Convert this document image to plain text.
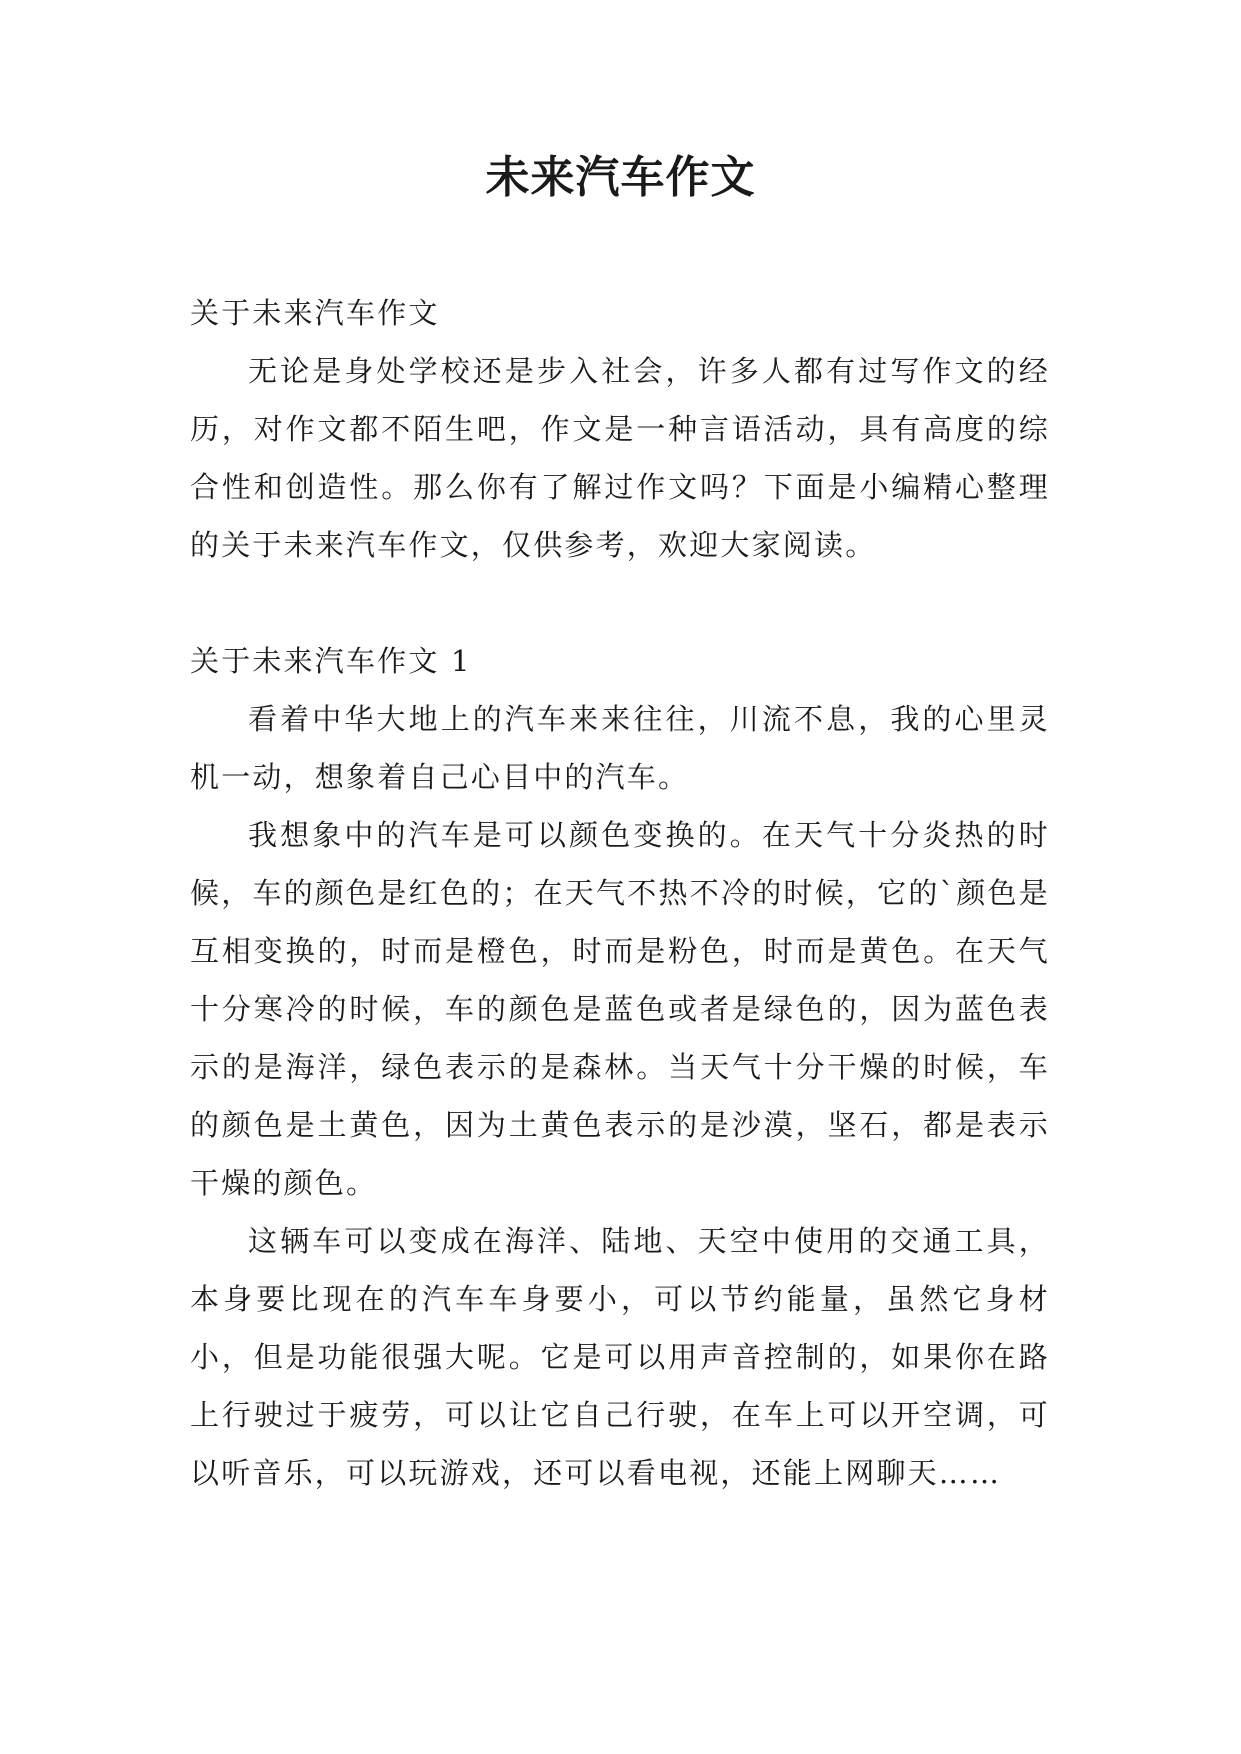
未来汽车作文

关于未来汽车作文

无论是身处学校还是步入社会，许多人都有过写作文的经历，对作文都不陌生吧，作文是一种言语活动，具有高度的综合性和创造性。那么你有了解过作文吗？下面是小编精心整理的关于未来汽车作文，仅供参考，欢迎大家阅读。

关于未来汽车作文 1

看着中华大地上的汽车来来往往，川流不息，我的心里灵机一动，想象着自己心目中的汽车。

我想象中的汽车是可以颜色变换的。在天气十分炎热的时候，车的颜色是红色的；在天气不热不冷的时候，它的`颜色是互相变换的，时而是橙色，时而是粉色，时而是黄色。在天气十分寒冷的时候，车的颜色是蓝色或者是绿色的，因为蓝色表示的是海洋，绿色表示的是森林。当天气十分干燥的时候，车的颜色是土黄色，因为土黄色表示的是沙漠，坚石，都是表示干燥的颜色。

这辆车可以变成在海洋、陆地、天空中使用的交通工具，本身要比现在的汽车车身要小，可以节约能量，虽然它身材小，但是功能很强大呢。它是可以用声音控制的，如果你在路上行驶过于疲劳，可以让它自己行驶，在车上可以开空调，可以听音乐，可以玩游戏，还可以看电视，还能上网聊天……
